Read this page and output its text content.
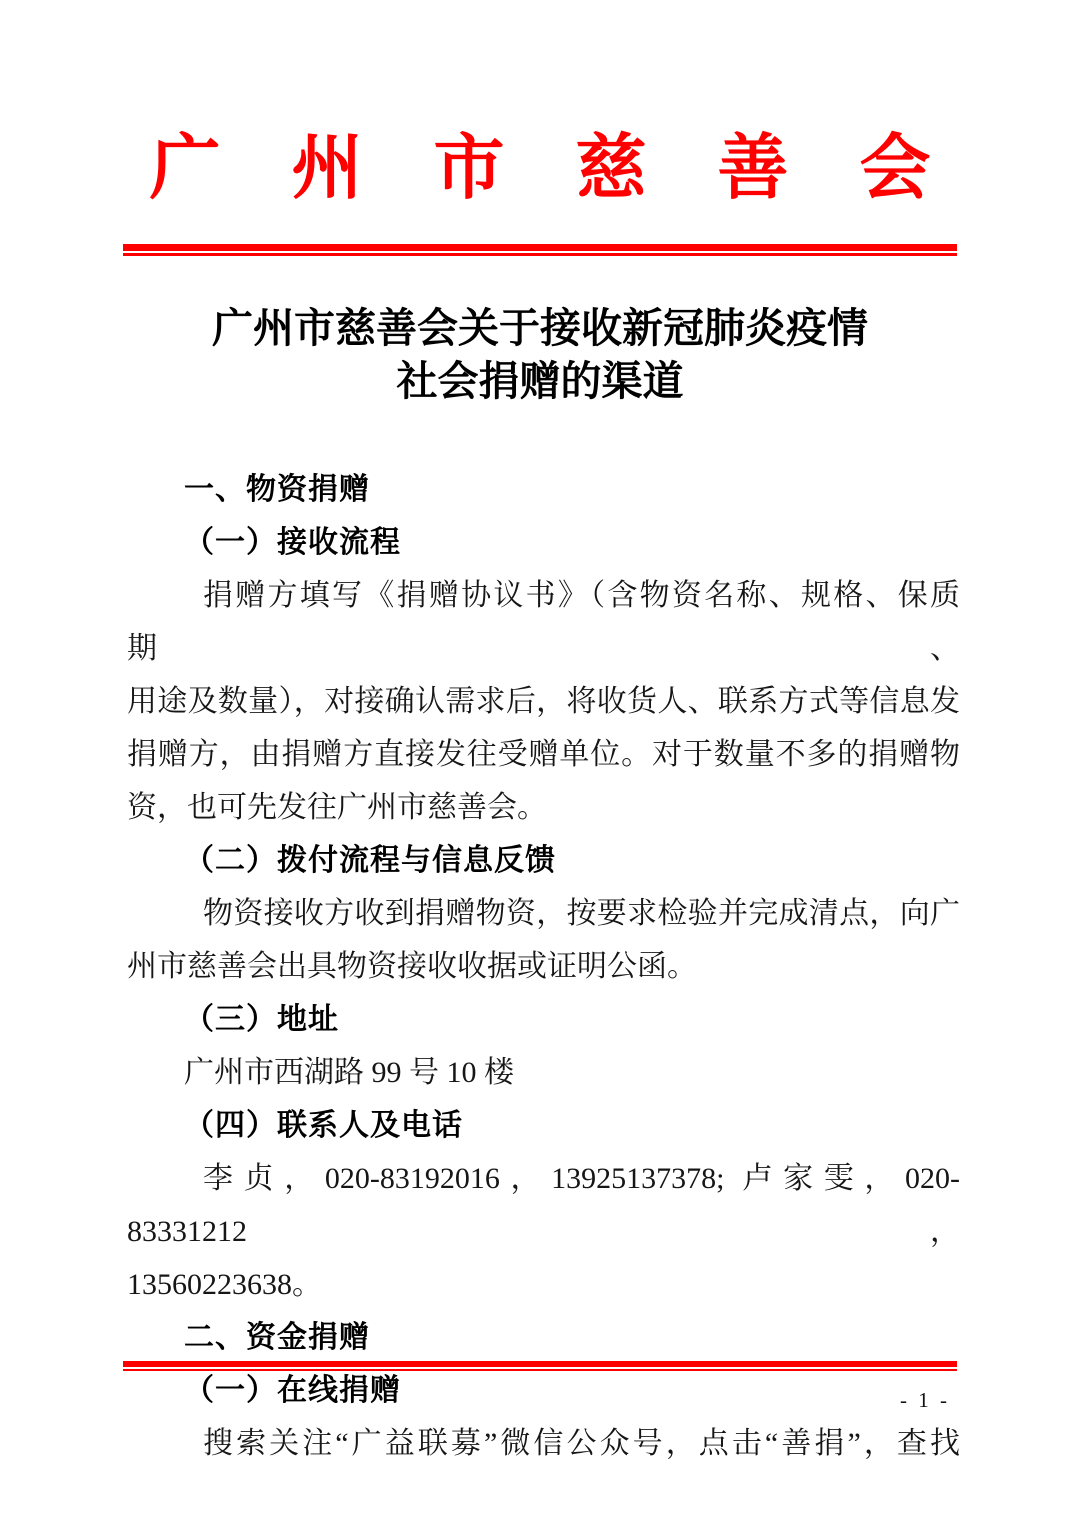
广　州　市　慈　善　会
广州市慈善会关于接收新冠肺炎疫情
社会捐赠的渠道
一、物资捐赠
（一）接收流程
捐赠方填写《捐赠协议书》（含物资名称、规格、保质期、
用途及数量），对接确认需求后，将收货人、联系方式等信息发
捐赠方，由捐赠方直接发往受赠单位。对于数量不多的捐赠物
资，也可先发往广州市慈善会。
（二）拨付流程与信息反馈
物资接收方收到捐赠物资，按要求检验并完成清点，向广
州市慈善会出具物资接收收据或证明公函。
（三）地址
广州市西湖路 99 号 10 楼
（四）联系人及电话
李贞，020-83192016，13925137378; 卢家雯，020-83331212，
13560223638。
二、资金捐赠
（一）在线捐赠
搜索关注“广益联募”微信公众号，点击“善捐”，查找
- 1 -
